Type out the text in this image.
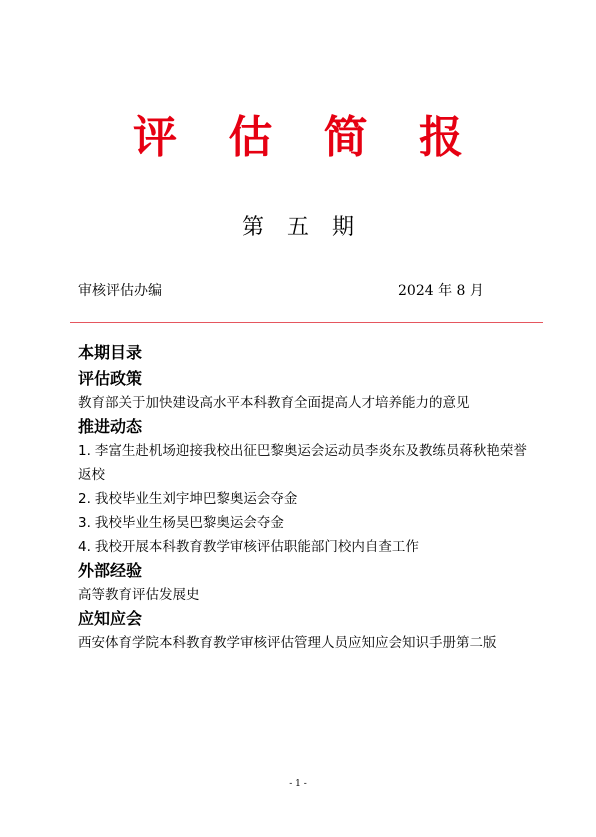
评 估 简 报
第 五 期
审核评估办编	2024 年 8 月
本期目录
评估政策
教育部关于加快建设高水平本科教育全面提高人才培养能力的意见
推进动态
1. 李富生赴机场迎接我校出征巴黎奥运会运动员李炎东及教练员蒋秋艳荣誉返校
2. 我校毕业生刘宇坤巴黎奥运会夺金
3. 我校毕业生杨昊巴黎奥运会夺金
4. 我校开展本科教育教学审核评估职能部门校内自查工作
外部经验
高等教育评估发展史
应知应会
西安体育学院本科教育教学审核评估管理人员应知应会知识手册第二版
- 1 -
